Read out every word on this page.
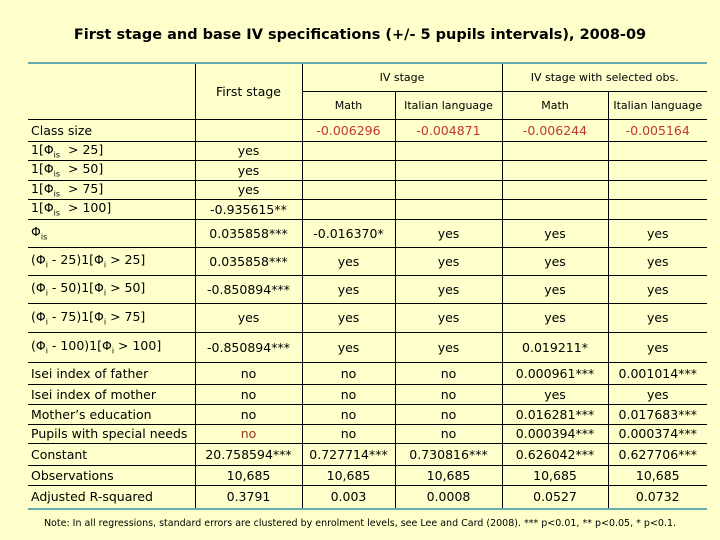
First stage and base IV specifications (+/- 5 pupils intervals), 2008-09
	First stage	IV stage		IV stage with selected obs.	
		Math	Italian language	Math	Italian language
Class size		-0.006296	-0.004871	-0.006244	-0.005164
$1[\Phi_{is} > 25]$	yes				
$1[\Phi_{is} > 50]$	yes				
$1[\Phi_{is} > 75]$	yes				
$1[\Phi_{is} > 100]$	-0.935615**				
$\Phi_{is}$	0.035858***	-0.016370*	yes	yes	yes
$(\Phi_i - 25)1[\Phi_i > 25]$	0.035858***	yes	yes	yes	yes
$(\Phi_i - 50)1[\Phi_i > 50]$	-0.850894***	yes	yes	yes	yes
$(\Phi_i - 75)1[\Phi_i > 75]$	yes	yes	yes	yes	yes
$(\Phi_i - 100)1[\Phi_i > 100]$	-0.850894***	yes	yes	0.019211*	yes
Isei index of father	no	no	no	0.000961***	0.001014***
Isei index of mother	no	no	no	yes	yes
Mother’s education	no	no	no	0.016281***	0.017683***
Pupils with special needs	no	no	no	0.000394***	0.000374***
Constant	20.758594***	0.727714***	0.730816***	0.626042***	0.627706***
Observations	10,685	10,685	10,685	10,685	10,685
Adjusted R-squared	0.3791	0.003	0.0008	0.0527	0.0732
Note: In all regressions, standard errors are clustered by enrolment levels, see Lee and Card (2008). *** p<0.01, ** p<0.05, * p<0.1.
